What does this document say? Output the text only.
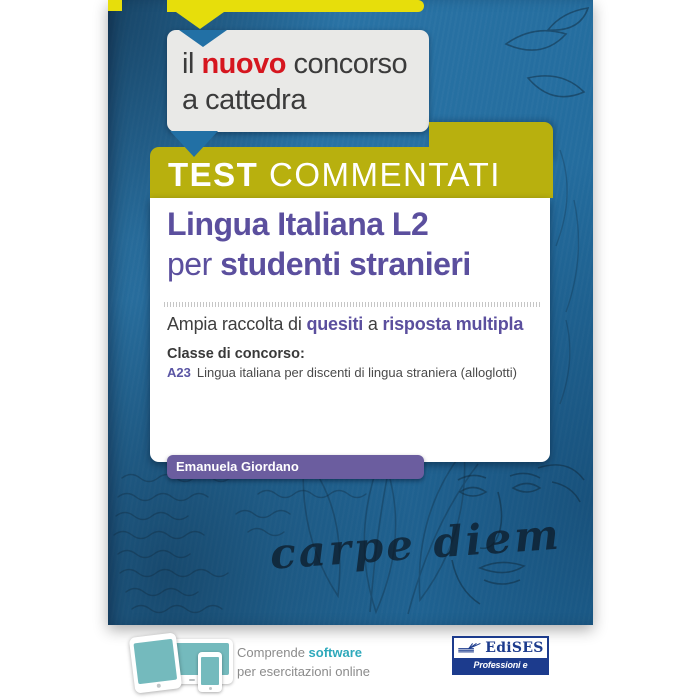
carpe diem
il nuovo concorso
a cattedra
TEST COMMENTATI
Lingua Italiana L2
per studenti stranieri
Ampia raccolta di quesiti a risposta multipla
Classe di concorso:
A23 Lingua italiana per discenti di lingua straniera (alloglotti)
Emanuela Giordano
Comprende software
per esercitazioni online
EdiSES
Professioni e Concorsi
